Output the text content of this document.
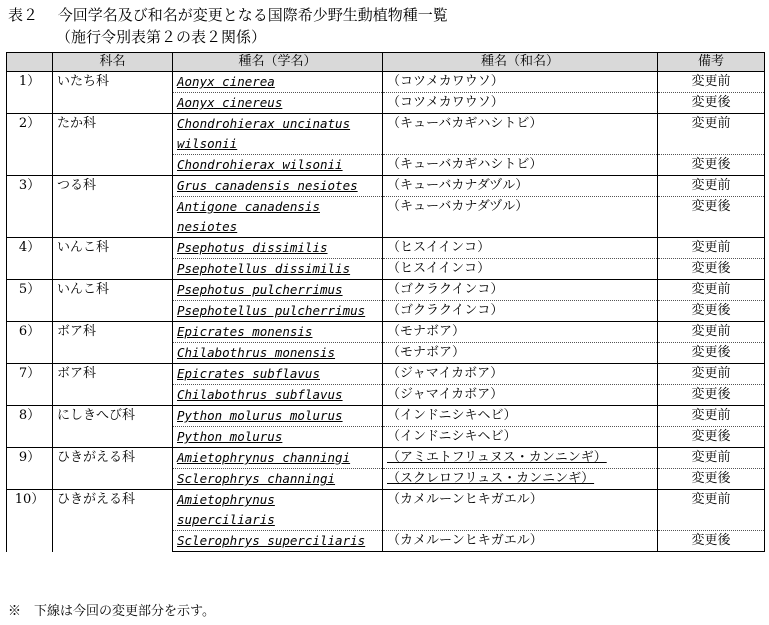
表２　 今回学名及び和名が変更となる国際希少野生動植物種一覧
（施行令別表第２の表２関係）
	科名	種名（学名）	種名（和名）	備考
1）	いたち科	Aonyx cinerea	（コツメカワウソ）	変更前
		Aonyx cinereus	（コツメカワウソ）	変更後
2）	たか科	Chondrohierax uncinatus wilsonii	（キューバカギハシトビ）	変更前
		Chondrohierax wilsonii	（キューバカギハシトビ）	変更後
3）	つる科	Grus canadensis nesiotes	（キューバカナダヅル）	変更前
		Antigone canadensis nesiotes	（キューバカナダヅル）	変更後
4）	いんこ科	Psephotus dissimilis	（ヒスイインコ）	変更前
		Psephotellus dissimilis	（ヒスイインコ）	変更後
5）	いんこ科	Psephotus pulcherrimus	（ゴクラクインコ）	変更前
		Psephotellus pulcherrimus	（ゴクラクインコ）	変更後
6）	ボア科	Epicrates monensis	（モナボア）	変更前
		Chilabothrus monensis	（モナボア）	変更後
7）	ボア科	Epicrates subflavus	（ジャマイカボア）	変更前
		Chilabothrus subflavus	（ジャマイカボア）	変更後
8）	にしきへび科	Python molurus molurus	（インドニシキヘビ）	変更前
		Python molurus	（インドニシキヘビ）	変更後
9）	ひきがえる科	Amietophrynus channingi	（アミエトフリュヌス・カンニンギ）	変更前
		Sclerophrys channingi	（スクレロフリュス・カンニンギ）	変更後
10）	ひきがえる科	Amietophrynus superciliaris	（カメルーンヒキガエル）	変更前
		Sclerophrys superciliaris	（カメルーンヒキガエル）	変更後
※　下線は今回の変更部分を示す。
